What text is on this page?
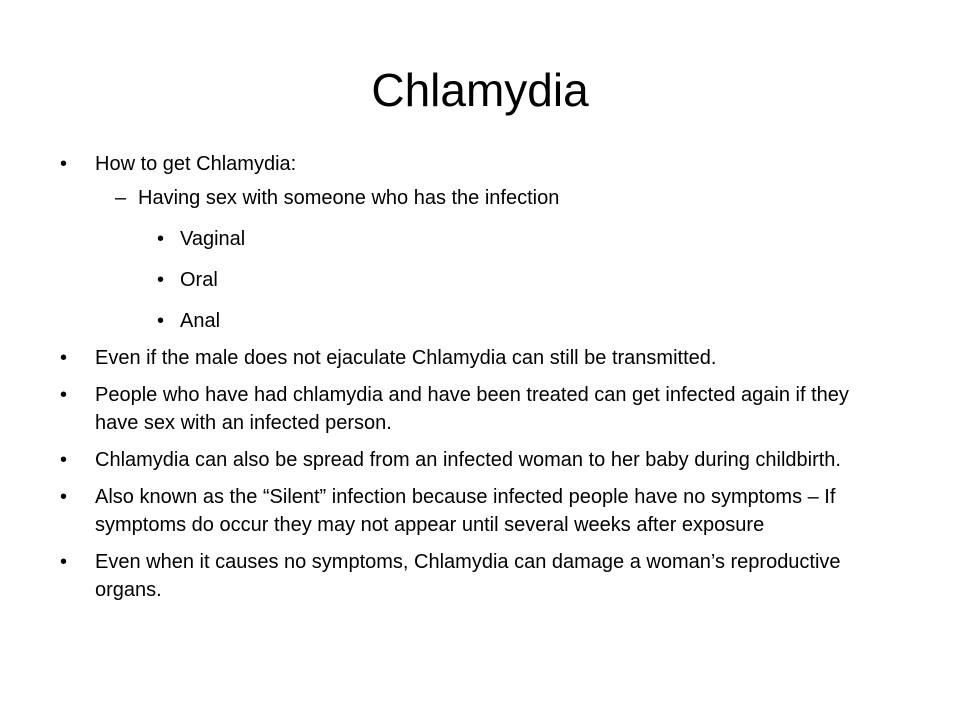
Chlamydia
• How to get Chlamydia:
– Having sex with someone who has the infection
• Vaginal
• Oral
• Anal
• Even if the male does not ejaculate Chlamydia can still be transmitted.
• People who have had chlamydia and have been treated can get infected again if they have sex with an infected person.
• Chlamydia can also be spread from an infected woman to her baby during childbirth.
• Also known as the “Silent” infection because infected people have no symptoms – If symptoms do occur they may not appear until several weeks after exposure
• Even when it causes no symptoms, Chlamydia can damage a woman’s reproductive organs.
